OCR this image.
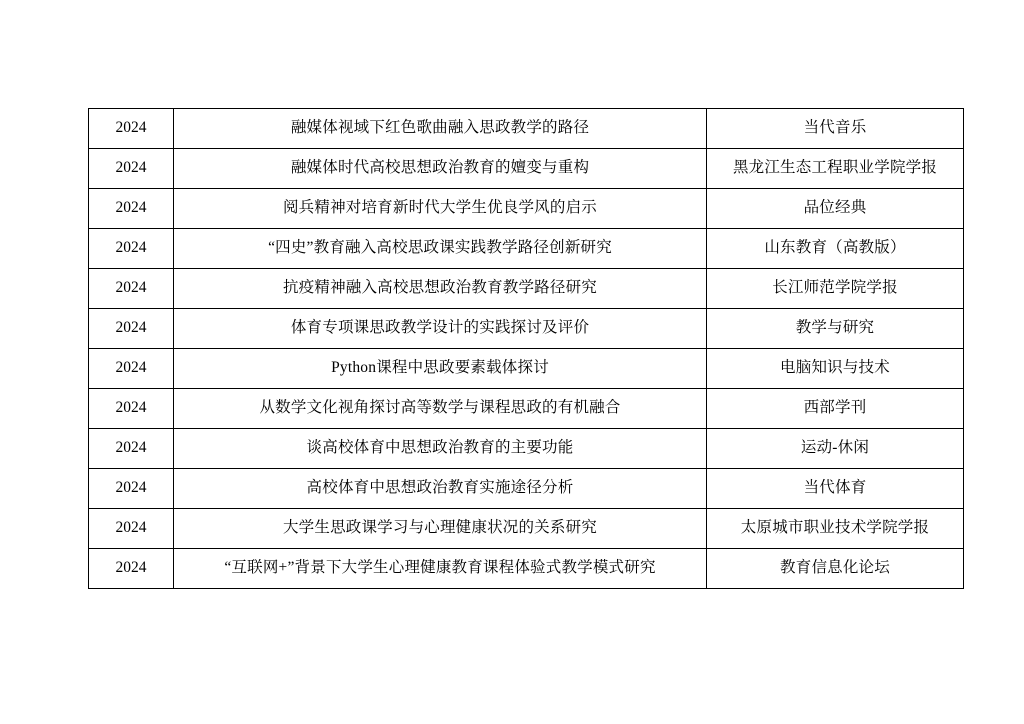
2024	融媒体视域下红色歌曲融入思政教学的路径	当代音乐
2024	融媒体时代高校思想政治教育的嬗变与重构	黑龙江生态工程职业学院学报
2024	阅兵精神对培育新时代大学生优良学风的启示	品位经典
2024	“四史”教育融入高校思政课实践教学路径创新研究	山东教育（高教版）
2024	抗疫精神融入高校思想政治教育教学路径研究	长江师范学院学报
2024	体育专项课思政教学设计的实践探讨及评价	教学与研究
2024	Python课程中思政要素载体探讨	电脑知识与技术
2024	从数学文化视角探讨高等数学与课程思政的有机融合	西部学刊
2024	谈高校体育中思想政治教育的主要功能	运动-休闲
2024	高校体育中思想政治教育实施途径分析	当代体育
2024	大学生思政课学习与心理健康状况的关系研究	太原城市职业技术学院学报
2024	“互联网+”背景下大学生心理健康教育课程体验式教学模式研究	教育信息化论坛
